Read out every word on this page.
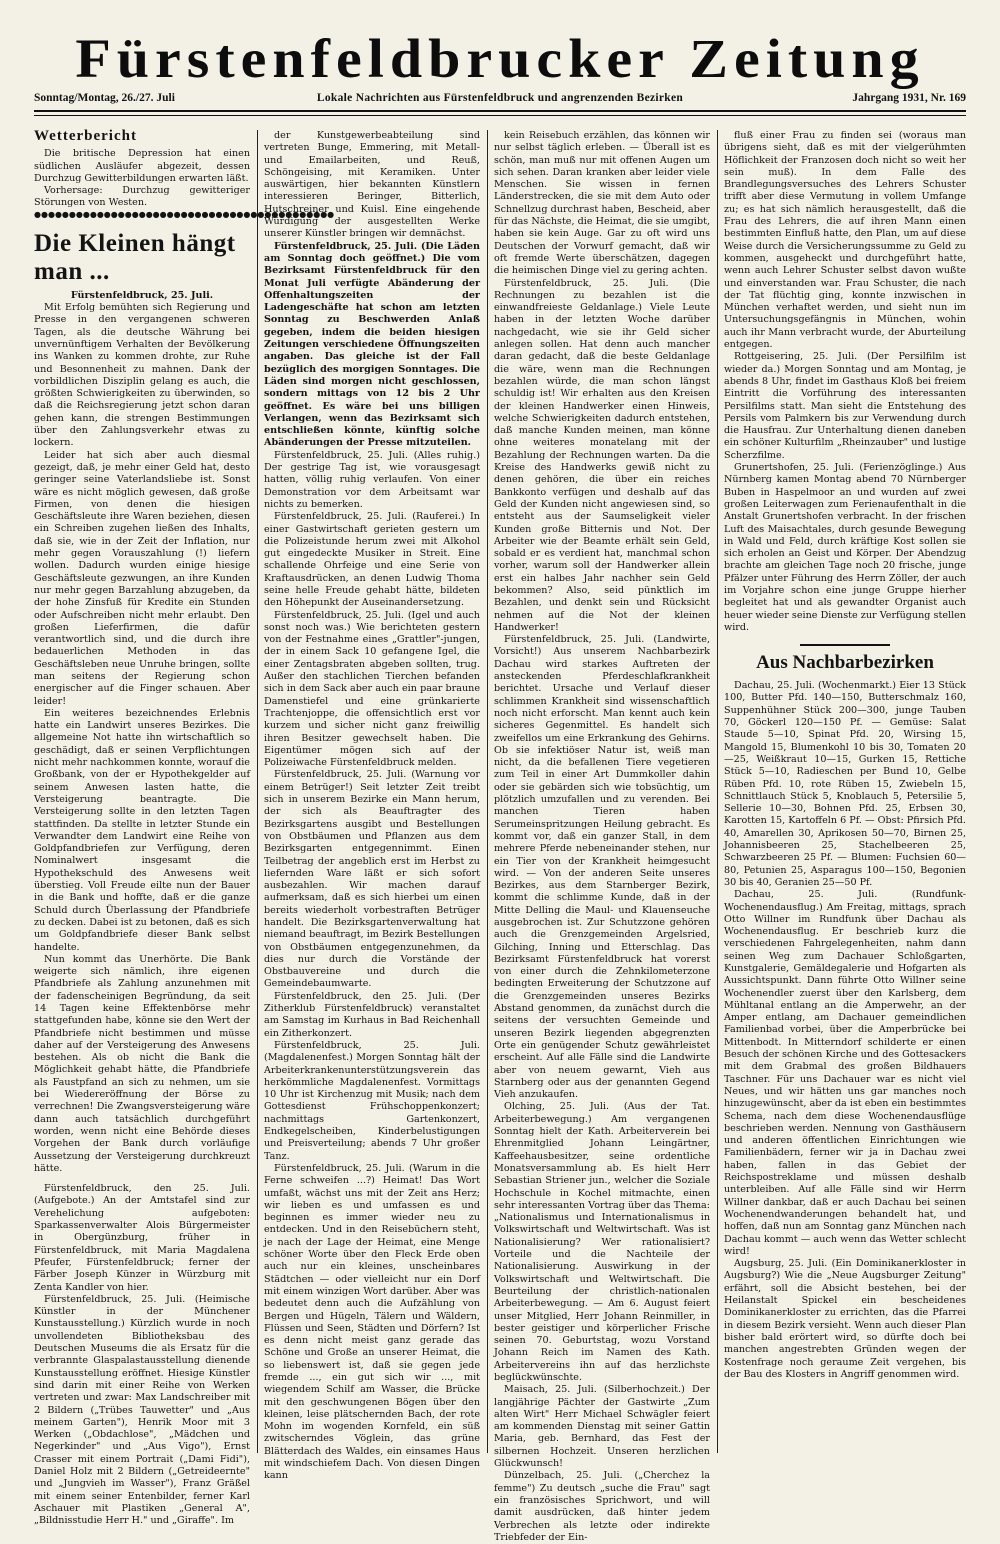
Fürstenfeldbrucker Zeitung
Sonntag/Montag, 26./27. Juli	Lokale Nachrichten aus Fürstenfeldbruck und angrenzenden Bezirken	Jahrgang 1931, Nr. 169
Wetterbericht

Die britische Depression hat einen südlichen Ausläufer abgezeit, dessen Durchzug Gewitterbildungen erwarten läßt.

Vorhersage: Durchzug gewitteriger Störungen von Westen.

●●●●●●●●●●●●●●●●●●●●●●●●●●●●●●●●●●●●●●●●●●●

Die Kleinen hängt man ...

Fürstenfeldbruck, 25. Juli.

Mit Erfolg bemühten sich Regierung und Presse in den vergangenen schweren Tagen, als die deutsche Währung bei unvernünftigem Verhalten der Bevölkerung ins Wanken zu kommen drohte, zur Ruhe und Besonnenheit zu mahnen. Dank der vorbildlichen Disziplin gelang es auch, die größten Schwierigkeiten zu überwinden, so daß die Reichsregierung jetzt schon daran gehen kann, die strengen Bestimmungen über den Zahlungsverkehr etwas zu lockern.

Leider hat sich aber auch diesmal gezeigt, daß, je mehr einer Geld hat, desto geringer seine Vaterlandsliebe ist. Sonst wäre es nicht möglich gewesen, daß große Firmen, von denen die hiesigen Geschäftsleute ihre Waren beziehen, diesen ein Schreiben zugehen ließen des Inhalts, daß sie, wie in der Zeit der Inflation, nur mehr gegen Vorauszahlung (!) liefern wollen. Dadurch wurden einige hiesige Geschäftsleute gezwungen, an ihre Kunden nur mehr gegen Barzahlung abzugeben, da der hohe Zinsfuß für Kredite ein Stunden oder Aufschreiben nicht mehr erlaubt. Den großen Lieferfirmen, die dafür verantwortlich sind, und die durch ihre bedauerlichen Methoden in das Geschäftsleben neue Unruhe bringen, sollte man seitens der Regierung schon energischer auf die Finger schauen. Aber leider!

Ein weiteres bezeichnendes Erlebnis hatte ein Landwirt unseres Bezirkes. Die allgemeine Not hatte ihn wirtschaftlich so geschädigt, daß er seinen Verpflichtungen nicht mehr nachkommen konnte, worauf die Großbank, von der er Hypothekgelder auf seinem Anwesen lasten hatte, die Versteigerung beantragte. Die Versteigerung sollte in den letzten Tagen stattfinden. Da stellte in letzter Stunde ein Verwandter dem Landwirt eine Reihe von Goldpfandbriefen zur Verfügung, deren Nominalwert insgesamt die Hypothekschuld des Anwesens weit überstieg. Voll Freude eilte nun der Bauer in die Bank und hoffte, daß er die ganze Schuld durch Überlassung der Pfandbriefe zu decken. Dabei ist zu betonen, daß es sich um Goldpfandbriefe dieser Bank selbst handelte.

Nun kommt das Unerhörte. Die Bank weigerte sich nämlich, ihre eigenen Pfandbriefe als Zahlung anzunehmen mit der fadenscheinigen Begründung, da seit 14 Tagen keine Effektenbörse mehr stattgefunden habe, könne sie den Wert der Pfandbriefe nicht bestimmen und müsse daher auf der Versteigerung des Anwesens bestehen. Als ob nicht die Bank die Möglichkeit gehabt hätte, die Pfandbriefe als Faustpfand an sich zu nehmen, um sie bei Wiedereröffnung der Börse zu verrechnen! Die Zwangsversteigerung wäre dann auch tatsächlich durchgeführt worden, wenn nicht eine Behörde dieses Vorgehen der Bank durch vorläufige Aussetzung der Versteigerung durchkreuzt hätte.

Fürstenfeldbruck, den 25. Juli. (Aufgebote.) An der Amtstafel sind zur Verehelichung aufgeboten: Sparkassenverwalter Alois Bürgermeister in Obergünzburg, früher in Fürstenfeldbruck, mit Maria Magdalena Pfeufer, Fürstenfeldbruck; ferner der Färber Joseph Künzer in Würzburg mit Zenta Kandler von hier.

Fürstenfeldbruck, 25. Juli. (Heimische Künstler in der Münchener Kunstausstellung.) Kürzlich wurde in noch unvollendeten Bibliotheksbau des Deutschen Museums die als Ersatz für die verbrannte Glaspalastausstellung dienende Kunstausstellung eröffnet. Hiesige Künstler sind darin mit einer Reihe von Werken vertreten und zwar: Max Landschreiber mit 2 Bildern („Trübes Tauwetter" und „Aus meinem Garten"), Henrik Moor mit 3 Werken („Obdachlose", „Mädchen und Negerkinder" und „Aus Vigo"), Ernst Crasser mit einem Portrait („Dami Fidi"), Daniel Holz mit 2 Bildern („Getreideernte" und „Jungvieh im Wasser"), Franz Gräßel mit einem seiner Entenbilder, ferner Karl Aschauer mit Plastiken „General A", „Bildnisstudie Herr H." und „Giraffe". Im

der Kunstgewerbeabteilung sind vertreten Bunge, Emmering, mit Metall- und Emailarbeiten, und Reuß, Schöngeising, mit Keramiken. Unter auswärtigen, hier bekannten Künstlern interessieren Beringer, Bitterlich, Hutschreiner und Kuisl. Eine eingehende Würdigung der ausgestellten Werke unserer Künstler bringen wir demnächst.

Fürstenfeldbruck, 25. Juli. (Die Läden am Sonntag doch geöffnet.) Die vom Bezirksamt Fürstenfeldbruck für den Monat Juli verfügte Abänderung der Offenhaltungszeiten der Ladengeschäfte hat schon am letzten Sonntag zu Beschwerden Anlaß gegeben, indem die beiden hiesigen Zeitungen verschiedene Öffnungszeiten angaben. Das gleiche ist der Fall bezüglich des morgigen Sonntages. Die Läden sind morgen nicht geschlossen, sondern mittags von 12 bis 2 Uhr geöffnet. Es wäre bei uns billigen Verlangen, wenn das Bezirksamt sich entschließen könnte, künftig solche Abänderungen der Presse mitzuteilen.

Fürstenfeldbruck, 25. Juli. (Alles ruhig.) Der gestrige Tag ist, wie vorausgesagt hatten, völlig ruhig verlaufen. Von einer Demonstration vor dem Arbeitsamt war nichts zu bemerken.

Fürstenfeldbruck, 25. Juli. (Rauferei.) In einer Gastwirtschaft gerieten gestern um die Polizeistunde herum zwei mit Alkohol gut eingedeckte Musiker in Streit. Eine schallende Ohrfeige und eine Serie von Kraftausdrücken, an denen Ludwig Thoma seine helle Freude gehabt hätte, bildeten den Höhepunkt der Auseinandersetzung.

Fürstenfeldbruck, 25. Juli. (Igel und auch sonst noch was.) Wie berichteten gestern von der Festnahme eines „Grattler"-jungen, der in einem Sack 10 gefangene Igel, die einer Zentagsbraten abgeben sollten, trug. Außer den stachlichen Tierchen befanden sich in dem Sack aber auch ein paar braune Damenstiefel und eine grünkarierte Trachtenjoppe, die offensichtlich erst vor kurzem und sicher nicht ganz freiwillig ihren Besitzer gewechselt haben. Die Eigentümer mögen sich auf der Polizeiwache Fürstenfeldbruck melden.

Fürstenfeldbruck, 25. Juli. (Warnung vor einem Betrüger!) Seit letzter Zeit treibt sich in unserem Bezirke ein Mann herum, der sich als Beauftragter des Bezirksgartens ausgibt und Bestellungen von Obstbäumen und Pflanzen aus dem Bezirksgarten entgegennimmt. Einen Teilbetrag der angeblich erst im Herbst zu liefernden Ware läßt er sich sofort ausbezahlen. Wir machen darauf aufmerksam, daß es sich hierbei um einen bereits wiederholt vorbestraften Betrüger handelt. Die Bezirksgartenverwaltung hat niemand beauftragt, im Bezirk Bestellungen von Obstbäumen entgegenzunehmen, da dies nur durch die Vorstände der Obstbauvereine und durch die Gemeindebaumwarte.

Fürstenfeldbruck, den 25. Juli. (Der Zitherklub Fürstenfeldbruck) veranstaltet am Samstag im Kurhaus in Bad Reichenhall ein Zitherkonzert.

Fürstenfeldbruck, 25. Juli. (Magdalenenfest.) Morgen Sonntag hält der Arbeiterkrankenunterstützungsverein das herkömmliche Magdalenenfest. Vormittags 10 Uhr ist Kirchenzug mit Musik; nach dem Gottesdienst Frühschoppenkonzert; nachmittags Gartenkonzert, Endkegelscheiben, Kinderbelustigungen und Preisverteilung; abends 7 Uhr großer Tanz.

Fürstenfeldbruck, 25. Juli. (Warum in die Ferne schweifen ...?) Heimat! Das Wort umfaßt, wächst uns mit der Zeit ans Herz; wir lieben es und umfassen es und beginnen es immer wieder neu zu entdecken. Und in den Reisebüchern steht, je nach der Lage der Heimat, eine Menge schöner Worte über den Fleck Erde oben auch nur ein kleines, unscheinbares Städtchen — oder vielleicht nur ein Dorf mit einem winzigen Wort darüber. Aber was bedeutet denn auch die Aufzählung von Bergen und Hügeln, Tälern und Wäldern, Flüssen und Seen, Städten und Dörfern? Ist es denn nicht meist ganz gerade das Schöne und Große an unserer Heimat, die so liebenswert ist, daß sie gegen jede fremde ..., ein gut sich wir ..., mit wiegendem Schilf am Wasser, die Brücke mit den geschwungenen Bögen über den kleinen, leise plätschernden Bach, der rote Mohn im wogenden Kornfeld, ein süß zwitscherndes Vöglein, das grüne Blätterdach des Waldes, ein einsames Haus mit windschiefem Dach. Von diesen Dingen kann

kein Reisebuch erzählen, das können wir nur selbst täglich erleben. — Überall ist es schön, man muß nur mit offenen Augen um sich sehen. Daran kranken aber leider viele Menschen. Sie wissen in fernen Länderstrecken, die sie mit dem Auto oder Schnellzug durchrast haben, Bescheid, aber für das Nächste, die Heimat, die sie umgibt, haben sie kein Auge. Gar zu oft wird uns Deutschen der Vorwurf gemacht, daß wir oft fremde Werte überschätzen, dagegen die heimischen Dinge viel zu gering achten.

Fürstenfeldbruck, 25. Juli. (Die Rechnungen zu bezahlen ist die einwandfreieste Geldanlage.) Viele Leute haben in der letzten Woche darüber nachgedacht, wie sie ihr Geld sicher anlegen sollen. Hat denn auch mancher daran gedacht, daß die beste Geldanlage die wäre, wenn man die Rechnungen bezahlen würde, die man schon längst schuldig ist! Wir erhalten aus den Kreisen der kleinen Handwerker einen Hinweis, welche Schwierigkeiten dadurch entstehen, daß manche Kunden meinen, man könne ohne weiteres monatelang mit der Bezahlung der Rechnungen warten. Da die Kreise des Handwerks gewiß nicht zu denen gehören, die über ein reiches Bankkonto verfügen und deshalb auf das Geld der Kunden nicht angewiesen sind, so entsteht aus der Saumseligkeit vieler Kunden große Bitternis und Not. Der Arbeiter wie der Beamte erhält sein Geld, sobald er es verdient hat, manchmal schon vorher, warum soll der Handwerker allein erst ein halbes Jahr nachher sein Geld bekommen? Also, seid pünktlich im Bezahlen, und denkt sein und Rücksicht nehmen auf die Not der kleinen Handwerker!

Fürstenfeldbruck, 25. Juli. (Landwirte, Vorsicht!) Aus unserem Nachbarbezirk Dachau wird starkes Auftreten der ansteckenden Pferdeschlafkrankheit berichtet. Ursache und Verlauf dieser schlimmen Krankheit sind wissenschaftlich noch nicht erforscht. Man kennt auch kein sicheres Gegenmittel. Es handelt sich zweifellos um eine Erkrankung des Gehirns. Ob sie infektiöser Natur ist, weiß man nicht, da die befallenen Tiere vegetieren zum Teil in einer Art Dummkoller dahin oder sie gebärden sich wie tobsüchtig, um plötzlich umzufallen und zu verenden. Bei manchen Tieren haben Serumeinspritzungen Heilung gebracht. Es kommt vor, daß ein ganzer Stall, in dem mehrere Pferde nebeneinander stehen, nur ein Tier von der Krankheit heimgesucht wird. — Von der anderen Seite unseres Bezirkes, aus dem Starnberger Bezirk, kommt die schlimme Kunde, daß in der Mitte Delling die Maul- und Klauenseuche ausgebrochen ist. Zur Schutzzone gehören auch die Grenzgemeinden Argelsried, Gilching, Inning und Etterschlag. Das Bezirksamt Fürstenfeldbruck hat vorerst von einer durch die Zehnkilometerzone bedingten Erweiterung der Schutzzone auf die Grenzgemeinden unseres Bezirks Abstand genommen, da zunächst durch die seitens der versuchten Gemeinde und unseren Bezirk liegenden abgegrenzten Orte ein genügender Schutz gewährleistet erscheint. Auf alle Fälle sind die Landwirte aber von neuem gewarnt, Vieh aus Starnberg oder aus der genannten Gegend Vieh anzukaufen.

Olching, 25. Juli. (Aus der Tat. Arbeiterbewegung.) Am vergangenen Sonntag hielt der Kath. Arbeiterverein bei Ehrenmitglied Johann Leingärtner, Kaffeehausbesitzer, seine ordentliche Monatsversammlung ab. Es hielt Herr Sebastian Striener jun., welcher die Soziale Hochschule in Kochel mitmachte, einen sehr interessanten Vortrag über das Thema: „Nationalismus und Internationalismus in Volkswirtschaft und Weltwirtschaft. Was ist Nationalisierung? Wer rationalisiert? Vorteile und die Nachteile der Nationalisierung. Auswirkung in der Volkswirtschaft und Weltwirtschaft. Die Beurteilung der christlich-nationalen Arbeiterbewegung. — Am 6. August feiert unser Mitglied, Herr Johann Reinmiller, in bester geistiger und körperlicher Frische seinen 70. Geburtstag, wozu Vorstand Johann Reich im Namen des Kath. Arbeitervereins ihn auf das herzlichste beglückwünschte.

Maisach, 25. Juli. (Silberhochzeit.) Der langjährige Pächter der Gastwirte „Zum alten Wirt" Herr Michael Schwägler feiert am kommenden Dienstag mit seiner Gattin Maria, geb. Bernhard, das Fest der silbernen Hochzeit. Unseren herzlichen Glückwunsch!

Dünzelbach, 25. Juli. („Cherchez la femme") Zu deutsch „suche die Frau" sagt ein französisches Sprichwort, und will damit ausdrücken, daß hinter jedem Verbrechen als letzte oder indirekte Triebfeder der Ein-

fluß einer Frau zu finden sei (woraus man übrigens sieht, daß es mit der vielgerühmten Höflichkeit der Franzosen doch nicht so weit her sein muß). In dem Falle des Brandlegungsversuches des Lehrers Schuster trifft aber diese Vermutung in vollem Umfange zu; es hat sich nämlich herausgestellt, daß die Frau des Lehrers, die auf ihren Mann einen bestimmten Einfluß hatte, den Plan, um auf diese Weise durch die Versicherungssumme zu Geld zu kommen, ausgeheckt und durchgeführt hatte, wenn auch Lehrer Schuster selbst davon wußte und einverstanden war. Frau Schuster, die nach der Tat flüchtig ging, konnte inzwischen in München verhaftet werden, und sieht nun im Untersuchungsgefängnis in München, wohin auch ihr Mann verbracht wurde, der Aburteilung entgegen.

Rottgeisering, 25. Juli. (Der Persilfilm ist wieder da.) Morgen Sonntag und am Montag, je abends 8 Uhr, findet im Gasthaus Kloß bei freiem Eintritt die Vorführung des interessanten Persilfilms statt. Man sieht die Entstehung des Persils vom Palmkern bis zur Verwendung durch die Hausfrau. Zur Unterhaltung dienen daneben ein schöner Kulturfilm „Rheinzauber" und lustige Scherzfilme.

Grunertshofen, 25. Juli. (Ferienzöglinge.) Aus Nürnberg kamen Montag abend 70 Nürnberger Buben in Haspelmoor an und wurden auf zwei großen Leiterwagen zum Ferienaufenthalt in die Anstalt Grunertshofen verbracht. In der frischen Luft des Maisachtales, durch gesunde Bewegung in Wald und Feld, durch kräftige Kost sollen sie sich erholen an Geist und Körper. Der Abendzug brachte am gleichen Tage noch 20 frische, junge Pfälzer unter Führung des Herrn Zöller, der auch im Vorjahre schon eine junge Gruppe hierher begleitet hat und als gewandter Organist auch heuer wieder seine Dienste zur Verfügung stellen wird.

Aus Nachbarbezirken

Dachau, 25. Juli. (Wochenmarkt.) Eier 13 Stück 100, Butter Pfd. 140—150, Butterschmalz 160, Suppenhühner Stück 200—300, junge Tauben 70, Göckerl 120—150 Pf. — Gemüse: Salat Staude 5—10, Spinat Pfd. 20, Wirsing 15, Mangold 15, Blumenkohl 10 bis 30, Tomaten 20—25, Weißkraut 10—15, Gurken 15, Rettiche Stück 5—10, Radieschen per Bund 10, Gelbe Rüben Pfd. 10, rote Rüben 15, Zwiebeln 15, Schnittlauch Stück 5, Knoblauch 5, Petersilie 5, Sellerie 10—30, Bohnen Pfd. 25, Erbsen 30, Karotten 15, Kartoffeln 6 Pf. — Obst: Pfirsich Pfd. 40, Amarellen 30, Aprikosen 50—70, Birnen 25, Johannisbeeren 25, Stachelbeeren 25, Schwarzbeeren 25 Pf. — Blumen: Fuchsien 60—80, Petunien 25, Asparagus 100—150, Begonien 30 bis 40, Geranien 25—50 Pf.

Dachau, 25. Juli. (Rundfunk-Wochenendausflug.) Am Freitag, mittags, sprach Otto Willner im Rundfunk über Dachau als Wochenendausflug. Er beschrieb kurz die verschiedenen Fahrgelegenheiten, nahm dann seinen Weg zum Dachauer Schloßgarten, Kunstgalerie, Gemäldegalerie und Hofgarten als Aussichtspunkt. Dann führte Otto Willner seine Wochenendler zuerst über den Karlsberg, dem Mühltanal entlang an die Amperwehr, an der Amper entlang, am Dachauer gemeindlichen Familienbad vorbei, über die Amperbrücke bei Mittenbodt. In Mitterndorf schilderte er einen Besuch der schönen Kirche und des Gottesackers mit dem Grabmal des großen Bildhauers Taschner. Für uns Dachauer war es nicht viel Neues, und wir hätten uns gar manches noch hinzugewünscht, aber da ist eben ein bestimmtes Schema, nach dem diese Wochenendausflüge beschrieben werden. Nennung von Gasthäusern und anderen öffentlichen Einrichtungen wie Familienbädern, ferner wir ja in Dachau zwei haben, fallen in das Gebiet der Reichspostreklame und müssen deshalb unterbleiben. Auf alle Fälle sind wir Herrn Willner dankbar, daß er auch Dachau bei seinen Wochenendwanderungen behandelt hat, und hoffen, daß nun am Sonntag ganz München nach Dachau kommt — auch wenn das Wetter schlecht wird!

Augsburg, 25. Juli. (Ein Dominikanerkloster in Augsburg?) Wie die „Neue Augsburger Zeitung" erfährt, soll die Absicht bestehen, bei der Heilanstalt Spickel ein bescheidenes Dominikanerkloster zu errichten, das die Pfarrei in diesem Bezirk versieht. Wenn auch dieser Plan bisher bald erörtert wird, so dürfte doch bei manchen angestrebten Gründen wegen der Kostenfrage noch geraume Zeit vergehen, bis der Bau des Klosters in Angriff genommen wird.
